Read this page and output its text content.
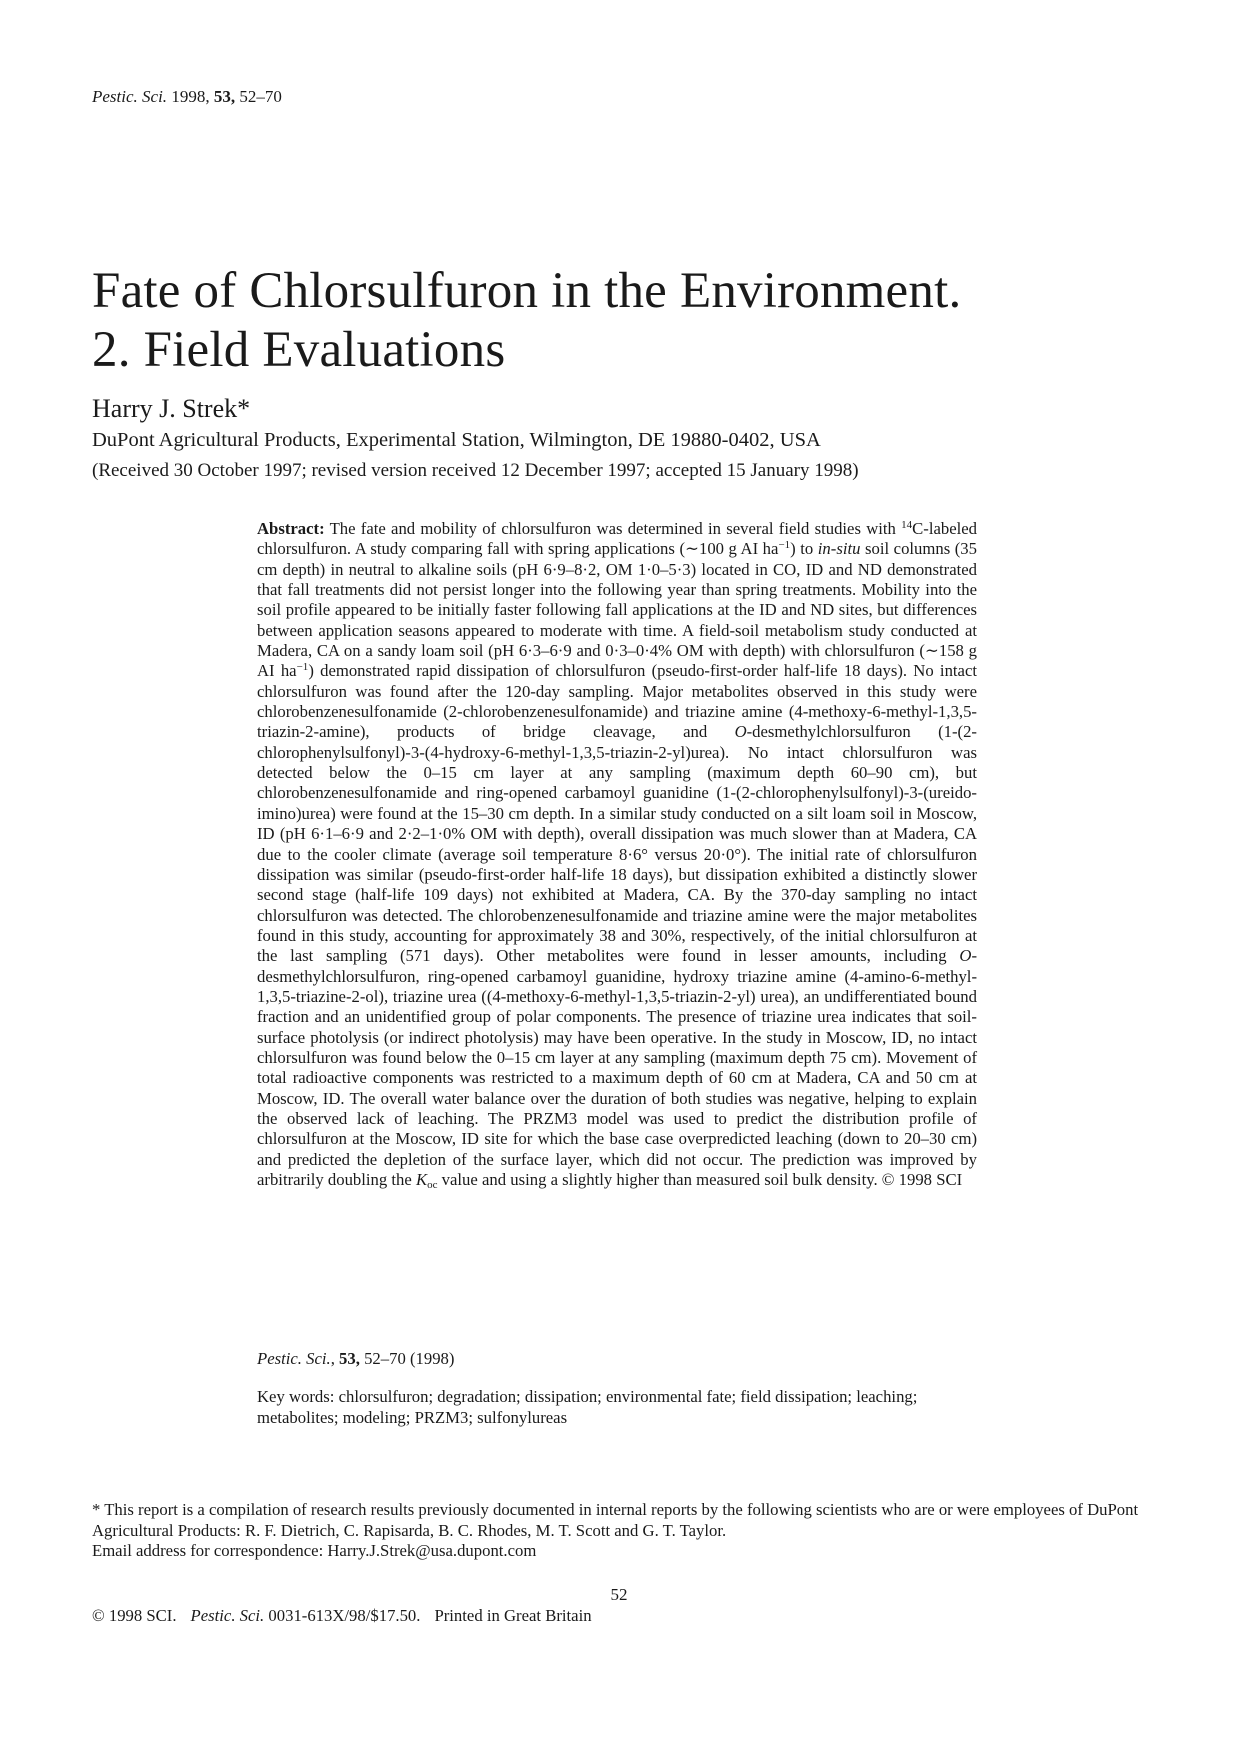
Pestic. Sci. 1998, 53, 52–70
Fate of Chlorsulfuron in the Environment.
2. Field Evaluations
Harry J. Strek*
DuPont Agricultural Products, Experimental Station, Wilmington, DE 19880-0402, USA
(Received 30 October 1997; revised version received 12 December 1997; accepted 15 January 1998)

Abstract: The fate and mobility of chlorsulfuron was determined in several field studies with $^{14}$C-labeled chlorsulfuron. A study comparing fall with spring applications (∼100 g AI $ha^{-1}$) to in-situ soil columns (35 cm depth) in neutral to alkaline soils (pH 6·9–8·2, OM 1·0–5·3) located in CO, ID and ND demonstrated that fall treatments did not persist longer into the following year than spring treatments. Mobility into the soil profile appeared to be initially faster following fall applications at the ID and ND sites, but differences between application seasons appeared to moderate with time. A field-soil metabolism study conducted at Madera, CA on a sandy loam soil (pH 6·3–6·9 and 0·3–0·4% OM with depth) with chlorsulfuron (∼158 g AI $ha^{-1}$) demonstrated rapid dissipation of chlorsulfuron (pseudo-first-order half-life 18 days). No intact chlorsulfuron was found after the 120-day sampling. Major metabolites observed in this study were chlorobenzenesulfonamide (2-chlorobenzenesulfonamide) and triazine amine (4-methoxy-6-methyl-1,3,5-triazin-2-amine), products of bridge cleavage, and O-desmethylchlorsulfuron (1-(2-chlorophenylsulfonyl)-3-(4-hydroxy-6-methyl-1,3,5-triazin-2-yl)urea). No intact chlorsulfuron was detected below the 0–15 cm layer at any sampling (maximum depth 60–90 cm), but chlorobenzenesulfonamide and ring-opened carbamoyl guanidine (1-(2-chlorophenylsulfonyl)-3-(ureido-imino)urea) were found at the 15–30 cm depth. In a similar study conducted on a silt loam soil in Moscow, ID (pH 6·1–6·9 and 2·2–1·0% OM with depth), overall dissipation was much slower than at Madera, CA due to the cooler climate (average soil temperature 8·6° versus 20·0°). The initial rate of chlorsulfuron dissipation was similar (pseudo-first-order half-life 18 days), but dissipation exhibited a distinctly slower second stage (half-life 109 days) not exhibited at Madera, CA. By the 370-day sampling no intact chlorsulfuron was detected. The chlorobenzenesulfonamide and triazine amine were the major metabolites found in this study, accounting for approximately 38 and 30%, respectively, of the initial chlorsulfuron at the last sampling (571 days). Other metabolites were found in lesser amounts, including O-desmethylchlorsulfuron, ring-opened carbamoyl guanidine, hydroxy triazine amine (4-amino-6-methyl-1,3,5-triazine-2-ol), triazine urea ((4-methoxy-6-methyl-1,3,5-triazin-2-yl) urea), an undifferentiated bound fraction and an unidentified group of polar components. The presence of triazine urea indicates that soil-surface photolysis (or indirect photolysis) may have been operative. In the study in Moscow, ID, no intact chlorsulfuron was found below the 0–15 cm layer at any sampling (maximum depth 75 cm). Movement of total radioactive components was restricted to a maximum depth of 60 cm at Madera, CA and 50 cm at Moscow, ID. The overall water balance over the duration of both studies was negative, helping to explain the observed lack of leaching. The PRZM3 model was used to predict the distribution profile of chlorsulfuron at the Moscow, ID site for which the base case overpredicted leaching (down to 20–30 cm) and predicted the depletion of the surface layer, which did not occur. The prediction was improved by arbitrarily doubling the $K_{oc}$ value and using a slightly higher than measured soil bulk density. © 1998 SCI

Pestic. Sci., 53, 52–70 (1998)

Key words: chlorsulfuron; degradation; dissipation; environmental fate; field dissipation; leaching; metabolites; modeling; PRZM3; sulfonylureas

* This report is a compilation of research results previously documented in internal reports by the following scientists who are or were employees of DuPont Agricultural Products: R. F. Dietrich, C. Rapisarda, B. C. Rhodes, M. T. Scott and G. T. Taylor.
Email address for correspondence: Harry.J.Strek@usa.dupont.com

52
© 1998 SCI. Pestic. Sci. 0031-613X/98/$17.50. Printed in Great Britain
